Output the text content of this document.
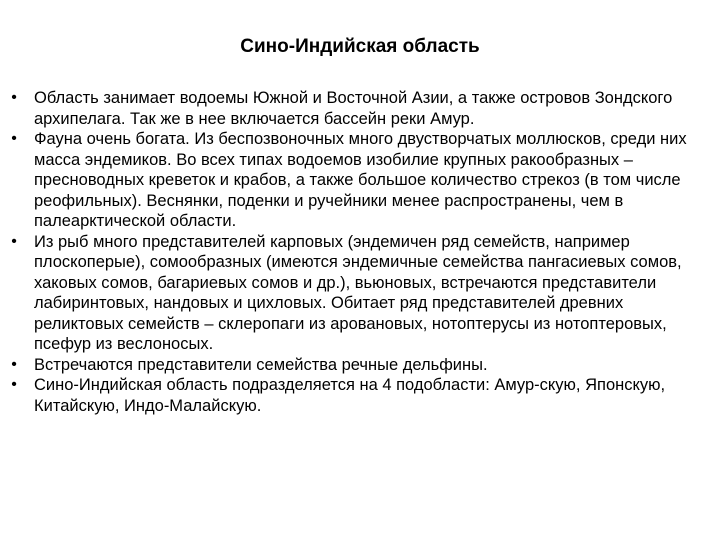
Сино-Индийская область
• Область занимает водоемы Южной и Восточной Азии, а также островов Зондского архипелага. Так же в нее включается бассейн реки Амур.
• Фауна очень богата. Из беспозвоночных много двустворчатых моллюсков, среди них масса эндемиков. Во всех типах водоемов изобилие крупных ракообразных – пресноводных креветок и крабов, а также большое количество стрекоз (в том числе реофильных). Веснянки, поденки и ручейники менее распространены, чем в палеарктической области.
• Из рыб много представителей карповых (эндемичен ряд семейств, например плоскоперые), сомообразных (имеются эндемичные семейства пангасиевых сомов, хаковых сомов, багариевых сомов и др.), вьюновых, встречаются представители лабиринтовых, нандовых и цихловых. Обитает ряд представителей древних реликтовых семейств – склеропаги из аровановых, нотоптерусы из нотоптеровых, псефур из веслоносых.
• Встречаются представители семейства речные дельфины.
• Сино-Индийская область подразделяется на 4 подобласти: Амур-скую, Японскую, Китайскую, Индо-Малайскую.
